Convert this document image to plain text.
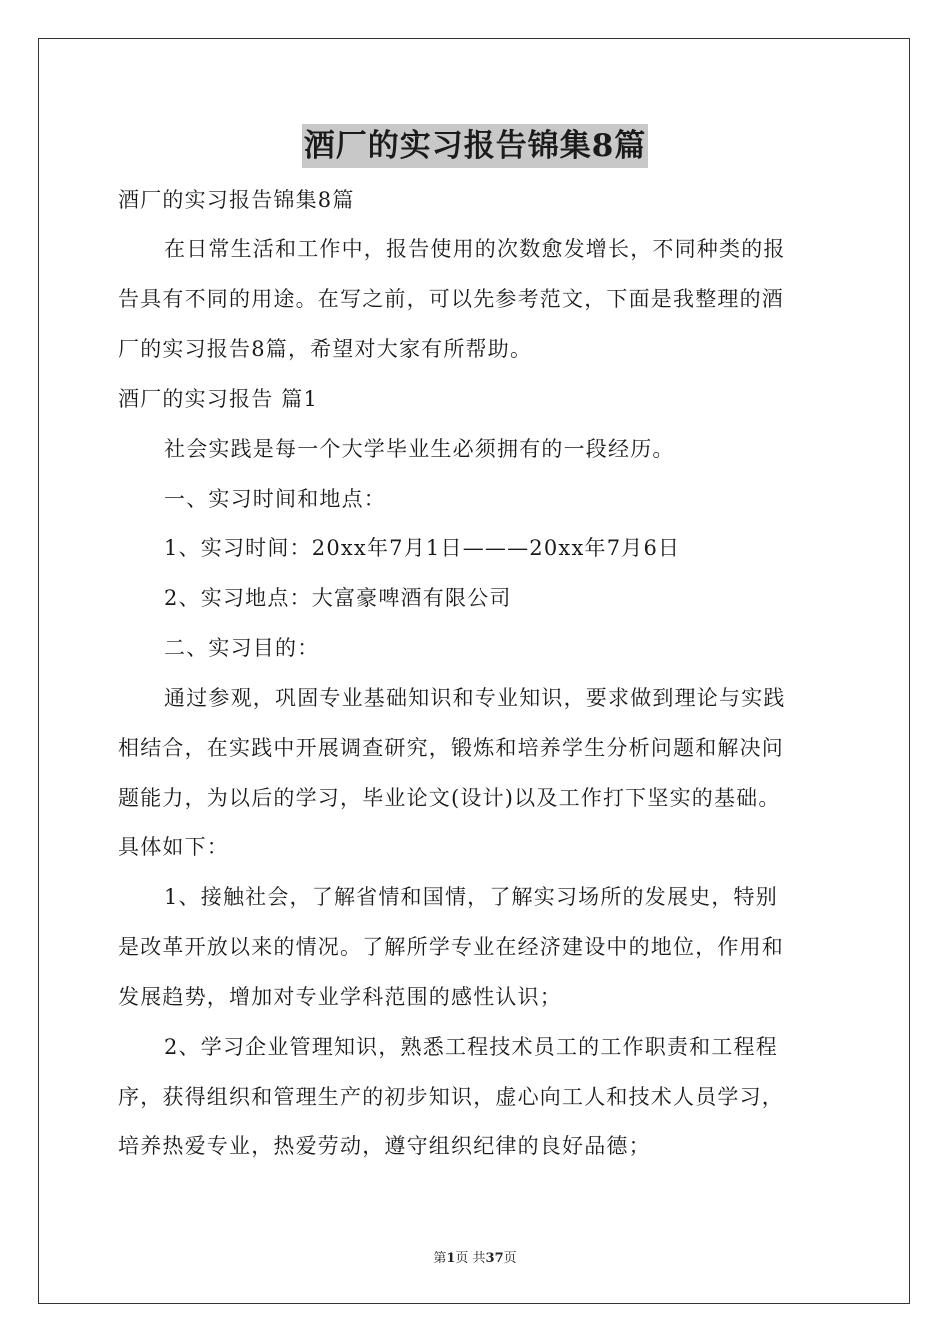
酒厂的实习报告锦集8篇
酒厂的实习报告锦集8篇
在日常生活和工作中，报告使用的次数愈发增长，不同种类的报
告具有不同的用途。在写之前，可以先参考范文，下面是我整理的酒
厂的实习报告8篇，希望对大家有所帮助。
酒厂的实习报告 篇1
社会实践是每一个大学毕业生必须拥有的一段经历。
一、实习时间和地点：
1、实习时间：20xx年7月1日———20xx年7月6日
2、实习地点：大富豪啤酒有限公司
二、实习目的：
通过参观，巩固专业基础知识和专业知识，要求做到理论与实践
相结合，在实践中开展调查研究，锻炼和培养学生分析问题和解决问
题能力，为以后的学习，毕业论文(设计)以及工作打下坚实的基础。
具体如下：
1、接触社会，了解省情和国情，了解实习场所的发展史，特别
是改革开放以来的情况。了解所学专业在经济建设中的地位，作用和
发展趋势，增加对专业学科范围的感性认识；
2、学习企业管理知识，熟悉工程技术员工的工作职责和工程程
序，获得组织和管理生产的初步知识，虚心向工人和技术人员学习，
培养热爱专业，热爱劳动，遵守组织纪律的良好品德；
第1页 共37页
